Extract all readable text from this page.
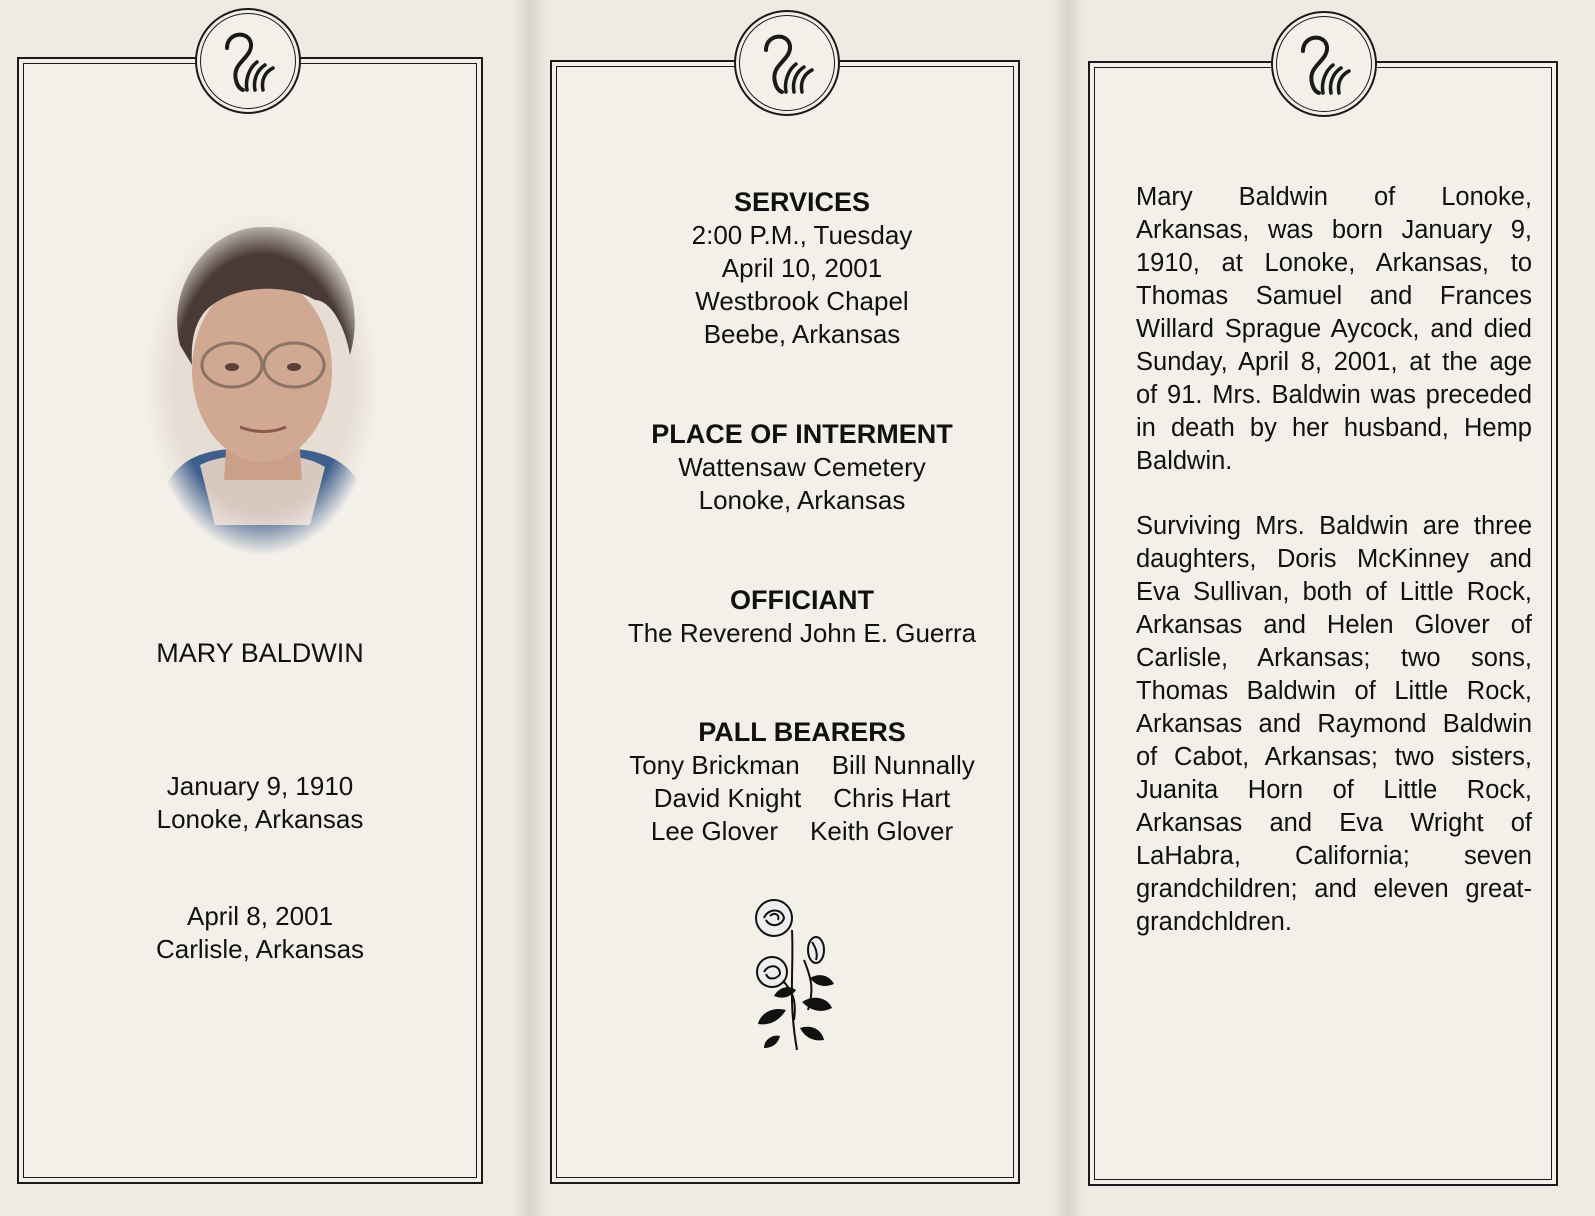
MARY BALDWIN
January 9, 1910
Lonoke, Arkansas
April 8, 2001
Carlisle, Arkansas
SERVICES
2:00 P.M., Tuesday
April 10, 2001
Westbrook Chapel
Beebe, Arkansas
PLACE OF INTERMENT
Wattensaw Cemetery
Lonoke, Arkansas
OFFICIANT
The Reverend John E. Guerra
PALL BEARERS
Tony Brickman Bill Nunnally
David Knight Chris Hart
Lee Glover Keith Glover

Mary Baldwin of Lonoke, Arkansas, was born January 9, 1910, at Lonoke, Arkansas, to Thomas Samuel and Frances Willard Sprague Aycock, and died Sunday, April 8, 2001, at the age of 91. Mrs. Baldwin was preceded in death by her husband, Hemp Baldwin.

Surviving Mrs. Baldwin are three daughters, Doris McKinney and Eva Sullivan, both of Little Rock, Arkansas and Helen Glover of Carlisle, Arkansas; two sons, Thomas Baldwin of Little Rock, Arkansas and Raymond Baldwin of Cabot, Arkansas; two sisters, Juanita Horn of Little Rock, Arkansas and Eva Wright of LaHabra, California; seven grandchildren; and eleven great-grandchldren.
